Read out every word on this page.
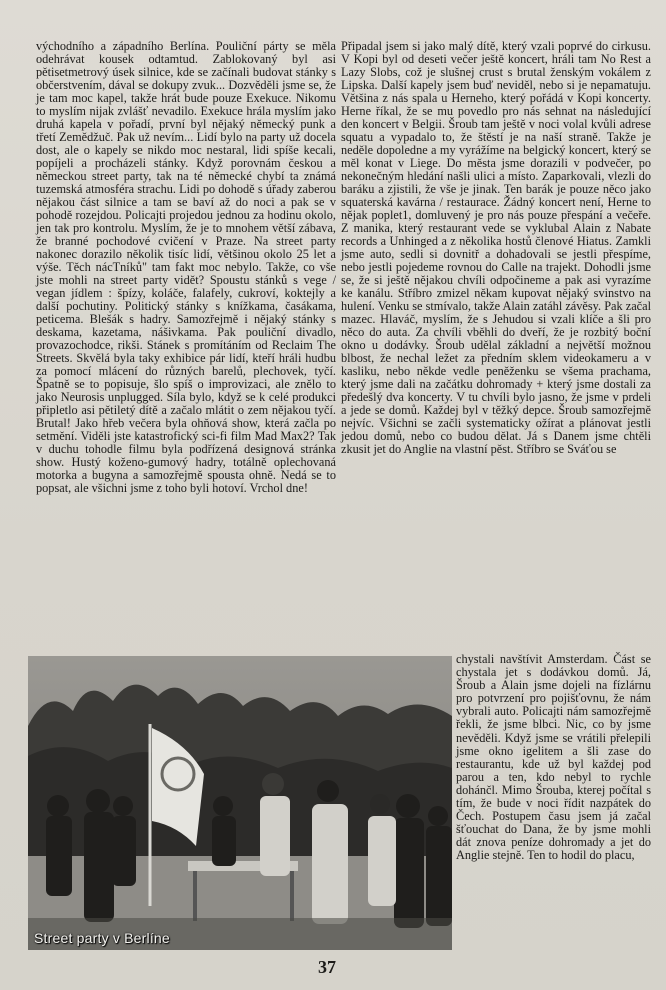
východního a západního Berlína. Pouliční párty se měla odehrávat kousek odtamtud. Zablokovaný byl asi pětisetmetrový úsek silnice, kde se začínali budovat stánky s občerstvením, dával se dokupy zvuk... Dozvěděli jsme se, že je tam moc kapel, takže hrát bude pouze Exekuce. Nikomu to myslím nijak zvlášť nevadilo. Exekuce hrála myslím jako druhá kapela v pořadí, první byl nějaký německý punk a třetí Zemědžuč. Pak už nevím... Lidí bylo na party už docela dost, ale o kapely se nikdo moc nestaral, lidi spíše kecali, popíjeli a procházeli stánky. Když porovnám českou a německou street party, tak na té německé chybí ta známá tuzemská atmosféra strachu. Lidi po dohodě s úřady zaberou nějakou část silnice a tam se baví až do noci a pak se v pohodě rozejdou. Policajti projedou jednou za hodinu okolo, jen tak pro kontrolu. Myslím, že je to mnohem větší zábava, že branné pochodové cvičení v Praze. Na street party nakonec dorazilo několik tisíc lidí, většinou okolo 25 let a výše. Těch nácTníků" tam fakt moc nebylo. Takže, co vše jste mohli na street party vidět? Spoustu stánků s vege / vegan jídlem : špízy, koláče, falafely, cukroví, koktejly a další pochutiny. Politický stánky s knížkama, časákama, peticema. Blešák s hadry. Samozřejmě i nějaký stánky s deskama, kazetama, nášivkama. Pak pouliční divadlo, provazochodce, rikši. Stánek s promítáním od Reclaim The Streets. Skvělá byla taky exhibice pár lidí, kteří hráli hudbu za pomocí mlácení do různých barelů, plechovek, tyčí. Špatně se to popisuje, šlo spíš o improvizaci, ale znělo to jako Neurosis unplugged. Síla bylo, když se k celé produkci připletlo asi pětiletý dítě a začalo mlátit o zem nějakou tyčí. Brutal! Jako hřeb večera byla ohňová show, která začla po setmění. Viděli jste katastrofický sci-fi film Mad Max2? Tak v duchu tohodle filmu byla podřízená designová stránka show. Hustý koženo-gumový hadry, totálně oplechovaná motorka a bugyna a samozřejmě spousta ohně. Nedá se to popsat, ale všichni jsme z toho byli hotoví. Vrchol dne!

Připadal jsem si jako malý dítě, který vzali poprvé do cirkusu. V Kopi byl od deseti večer ještě koncert, hráli tam No Rest a Lazy Slobs, což je slušnej crust s brutal ženským vokálem z Lipska. Další kapely jsem buď neviděl, nebo si je nepamatuju. Většina z nás spala u Herneho, který pořádá v Kopi koncerty. Herne říkal, že se mu povedlo pro nás sehnat na následující den koncert v Belgii. Šroub tam ještě v noci volal kvůli adrese squatu a vypadalo to, že štěstí je na naší straně. Takže je neděle dopoledne a my vyrážíme na belgický koncert, který se měl konat v Liege. Do města jsme dorazili v podvečer, po nekonečným hledání našli ulici a místo. Zaparkovali, vlezli do baráku a zjistili, že vše je jinak. Ten barák je pouze něco jako squaterská kavárna / restaurace. Žádný koncert není, Herne to nějak poplet1, domluvený je pro nás pouze přespání a večeře. Z manika, který restaurant vede se vyklubal Alain z Nabate records a Unhinged a z několika hostů členové Hiatus. Zamkli jsme auto, sedli si dovnitř a dohadovali se jestli přespíme, nebo jestli pojedeme rovnou do Calle na trajekt. Dohodli jsme se, že si ještě nějakou chvíli odpočineme a pak asi vyrazíme ke kanálu. Stříbro zmizel někam kupovat nějaký svinstvo na hulení. Venku se stmívalo, takže Alain zatáhl závěsy. Pak začal mazec. Hlaváč, myslím, že s Jehudou si vzali klíče a šli pro něco do auta. Za chvíli vběhli do dveří, že je rozbitý boční okno u dodávky. Šroub udělal základní a největší možnou blbost, že nechal ležet za předním sklem videokameru a v kasliku, nebo někde vedle peněženku se všema prachama, který jsme dali na začátku dohromady + který jsme dostali za předešlý dva koncerty. V tu chvíli bylo jasno, že jsme v prdeli a jede se domů. Každej byl v těžký depce. Šroub samozřejmě nejvíc. Všichni se začli systematicky ožírat a plánovat jestli jedou domů, nebo co budou dělat. Já s Danem jsme chtěli zkusit jet do Anglie na vlastní pěst. Stříbro se Sváťou se

chystali navštívit Amsterdam. Část se chystala jet s dodávkou domů. Já, Šroub a Alain jsme dojeli na fízlárnu pro potvrzení pro pojišťovnu, že nám vybrali auto. Policajti nám samozřejmě řekli, že jsme blbci. Nic, co by jsme nevěděli. Když jsme se vrátili přelepili jsme okno igelitem a šli zase do restaurantu, kde už byl každej pod parou a ten, kdo nebyl to rychle dohánčl. Mimo Šrouba, kterej počítal s tím, že bude v noci řídit nazpátek do Čech. Postupem času jsem já začal šťouchat do Dana, že by jsme mohli dát znova peníze dohromady a jet do Anglie stejně. Ten to hodil do placu,

Street party v Berlíne
37
